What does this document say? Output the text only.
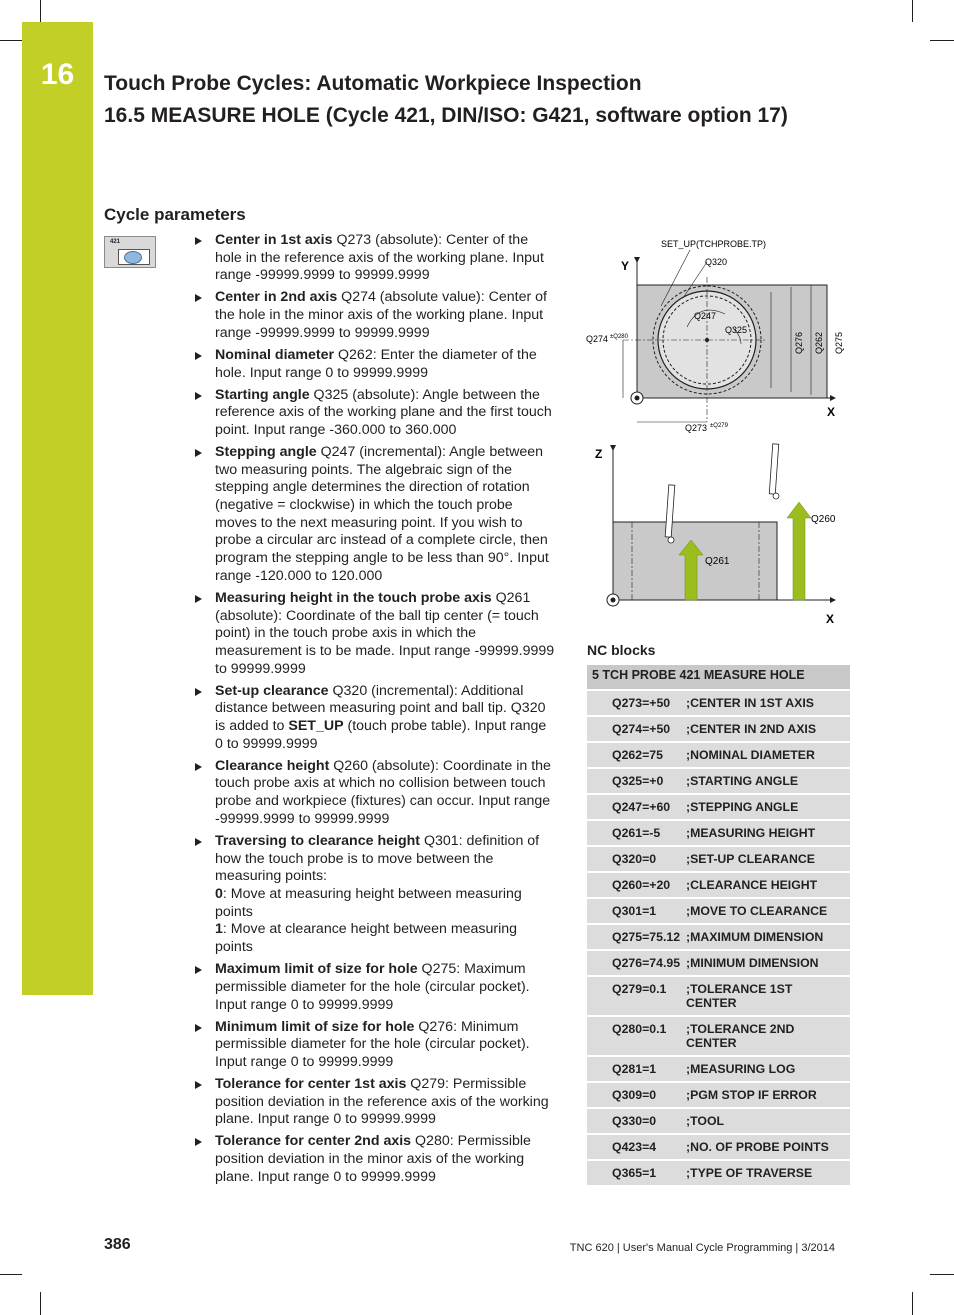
16	Touch Probe Cycles: Automatic Workpiece Inspection
16.5 MEASURE HOLE (Cycle 421, DIN/ISO: G421, software option 17)
Cycle parameters
421	Center in 1st axis Q273 (absolute): Center of the hole in the reference axis of the working plane. Input range -99999.9999 to 99999.9999
Center in 2nd axis Q274 (absolute value): Center of the hole in the minor axis of the working plane. Input range -99999.9999 to 99999.9999
Nominal diameter Q262: Enter the diameter of the hole. Input range 0 to 99999.9999
Starting angle Q325 (absolute): Angle between the reference axis of the working plane and the first touch point. Input range -360.000 to 360.000
Stepping angle Q247 (incremental): Angle between two measuring points. The algebraic sign of the stepping angle determines the direction of rotation (negative = clockwise) in which the touch probe moves to the next measuring point. If you wish to probe a circular arc instead of a complete circle, then program the stepping angle to be less than 90°. Input range -120.000 to 120.000
Measuring height in the touch probe axis Q261 (absolute): Coordinate of the ball tip center (= touch point) in the touch probe axis in which the measurement is to be made. Input range -99999.9999 to 99999.9999
Set-up clearance Q320 (incremental): Additional distance between measuring point and ball tip. Q320 is added to SET_UP (touch probe table). Input range 0 to 99999.9999
Clearance height Q260 (absolute): Coordinate in the touch probe axis at which no collision between touch probe and workpiece (fixtures) can occur. Input range -99999.9999 to 99999.9999
Traversing to clearance height Q301: definition of how the touch probe is to move between the measuring points:
0: Move at measuring height between measuring points
1: Move at clearance height between measuring points
Maximum limit of size for hole Q275: Maximum permissible diameter for the hole (circular pocket). Input range 0 to 99999.9999
Minimum limit of size for hole Q276: Minimum permissible diameter for the hole (circular pocket). Input range 0 to 99999.9999
Tolerance for center 1st axis Q279: Permissible position deviation in the reference axis of the working plane. Input range 0 to 99999.9999
Tolerance for center 2nd axis Q280: Permissible position deviation in the minor axis of the working plane. Input range 0 to 99999.9999
Y
X
SET_UP(TCHPROBE.TP)
Q320
Q247
Q325
Q276 Q262 Q275
Q274 ±Q280
Q273 ±Q279
Z
X
Q261
Q260
NC blocks
5 TCH PROBE 421 MEASURE HOLE
Q273=+50	;CENTER IN 1ST AXIS
Q274=+50	;CENTER IN 2ND AXIS
Q262=75	;NOMINAL DIAMETER
Q325=+0	;STARTING ANGLE
Q247=+60	;STEPPING ANGLE
Q261=-5	;MEASURING HEIGHT
Q320=0	;SET-UP CLEARANCE
Q260=+20	;CLEARANCE HEIGHT
Q301=1	;MOVE TO CLEARANCE
Q275=75.12 ;MAXIMUM DIMENSION
Q276=74.95 ;MINIMUM DIMENSION
Q279=0.1	;TOLERANCE 1ST CENTER
Q280=0.1	;TOLERANCE 2ND CENTER
Q281=1	;MEASURING LOG
Q309=0	;PGM STOP IF ERROR
Q330=0	;TOOL
Q423=4	;NO. OF PROBE POINTS
Q365=1	;TYPE OF TRAVERSE
386	TNC 620 | User's Manual Cycle Programming | 3/2014
